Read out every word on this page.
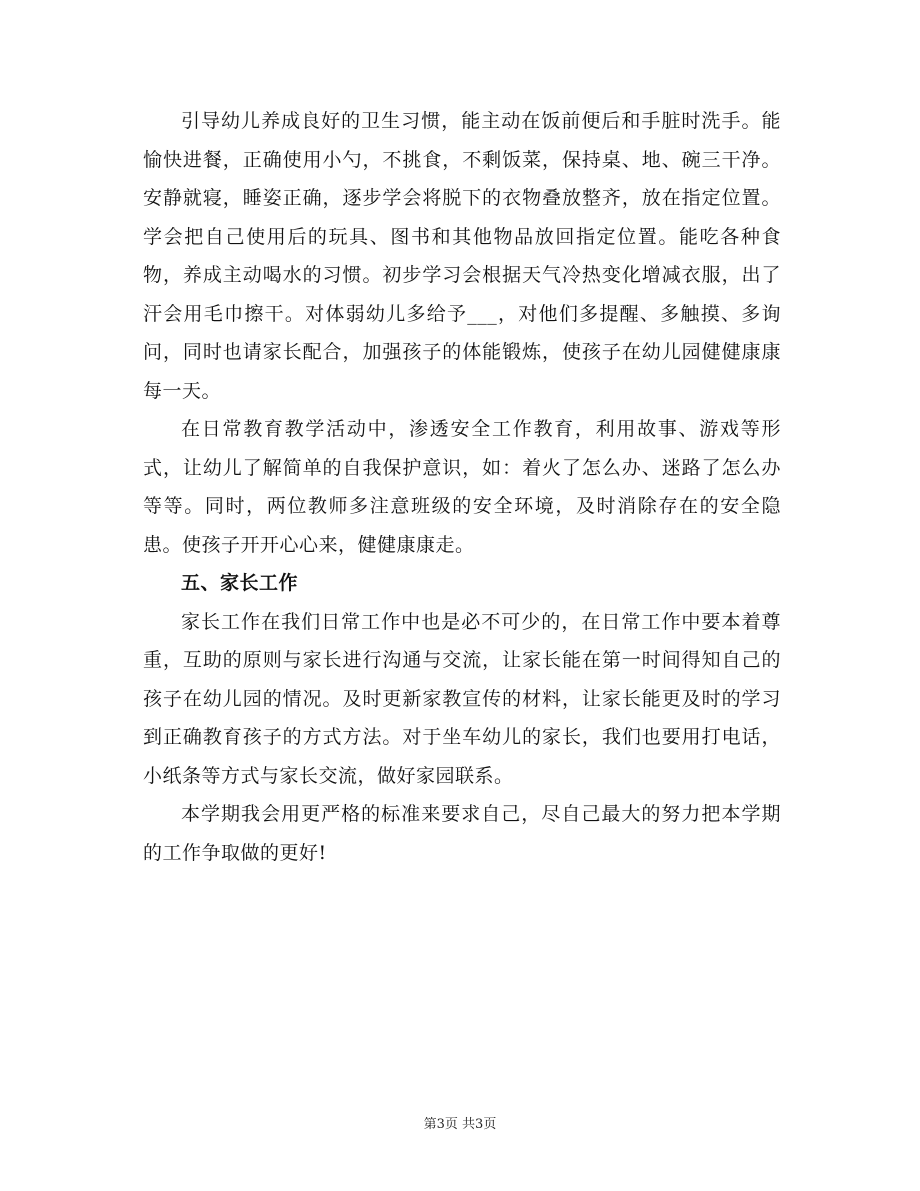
引导幼儿养成良好的卫生习惯，能主动在饭前便后和手脏时洗手。能愉快进餐，正确使用小勺，不挑食，不剩饭菜，保持桌、地、碗三干净。安静就寝，睡姿正确，逐步学会将脱下的衣物叠放整齐，放在指定位置。学会把自己使用后的玩具、图书和其他物品放回指定位置。能吃各种食物，养成主动喝水的习惯。初步学习会根据天气冷热变化增减衣服，出了汗会用毛巾擦干。对体弱幼儿多给予___，对他们多提醒、多触摸、多询问，同时也请家长配合，加强孩子的体能锻炼，使孩子在幼儿园健健康康每一天。

在日常教育教学活动中，渗透安全工作教育，利用故事、游戏等形式，让幼儿了解简单的自我保护意识，如：着火了怎么办、迷路了怎么办等等。同时，两位教师多注意班级的安全环境，及时消除存在的安全隐患。使孩子开开心心来，健健康康走。

五、家长工作

家长工作在我们日常工作中也是必不可少的，在日常工作中要本着尊重，互助的原则与家长进行沟通与交流，让家长能在第一时间得知自己的孩子在幼儿园的情况。及时更新家教宣传的材料，让家长能更及时的学习到正确教育孩子的方式方法。对于坐车幼儿的家长，我们也要用打电话，小纸条等方式与家长交流，做好家园联系。

本学期我会用更严格的标准来要求自己，尽自己最大的努力把本学期的工作争取做的更好!

第3页 共3页
